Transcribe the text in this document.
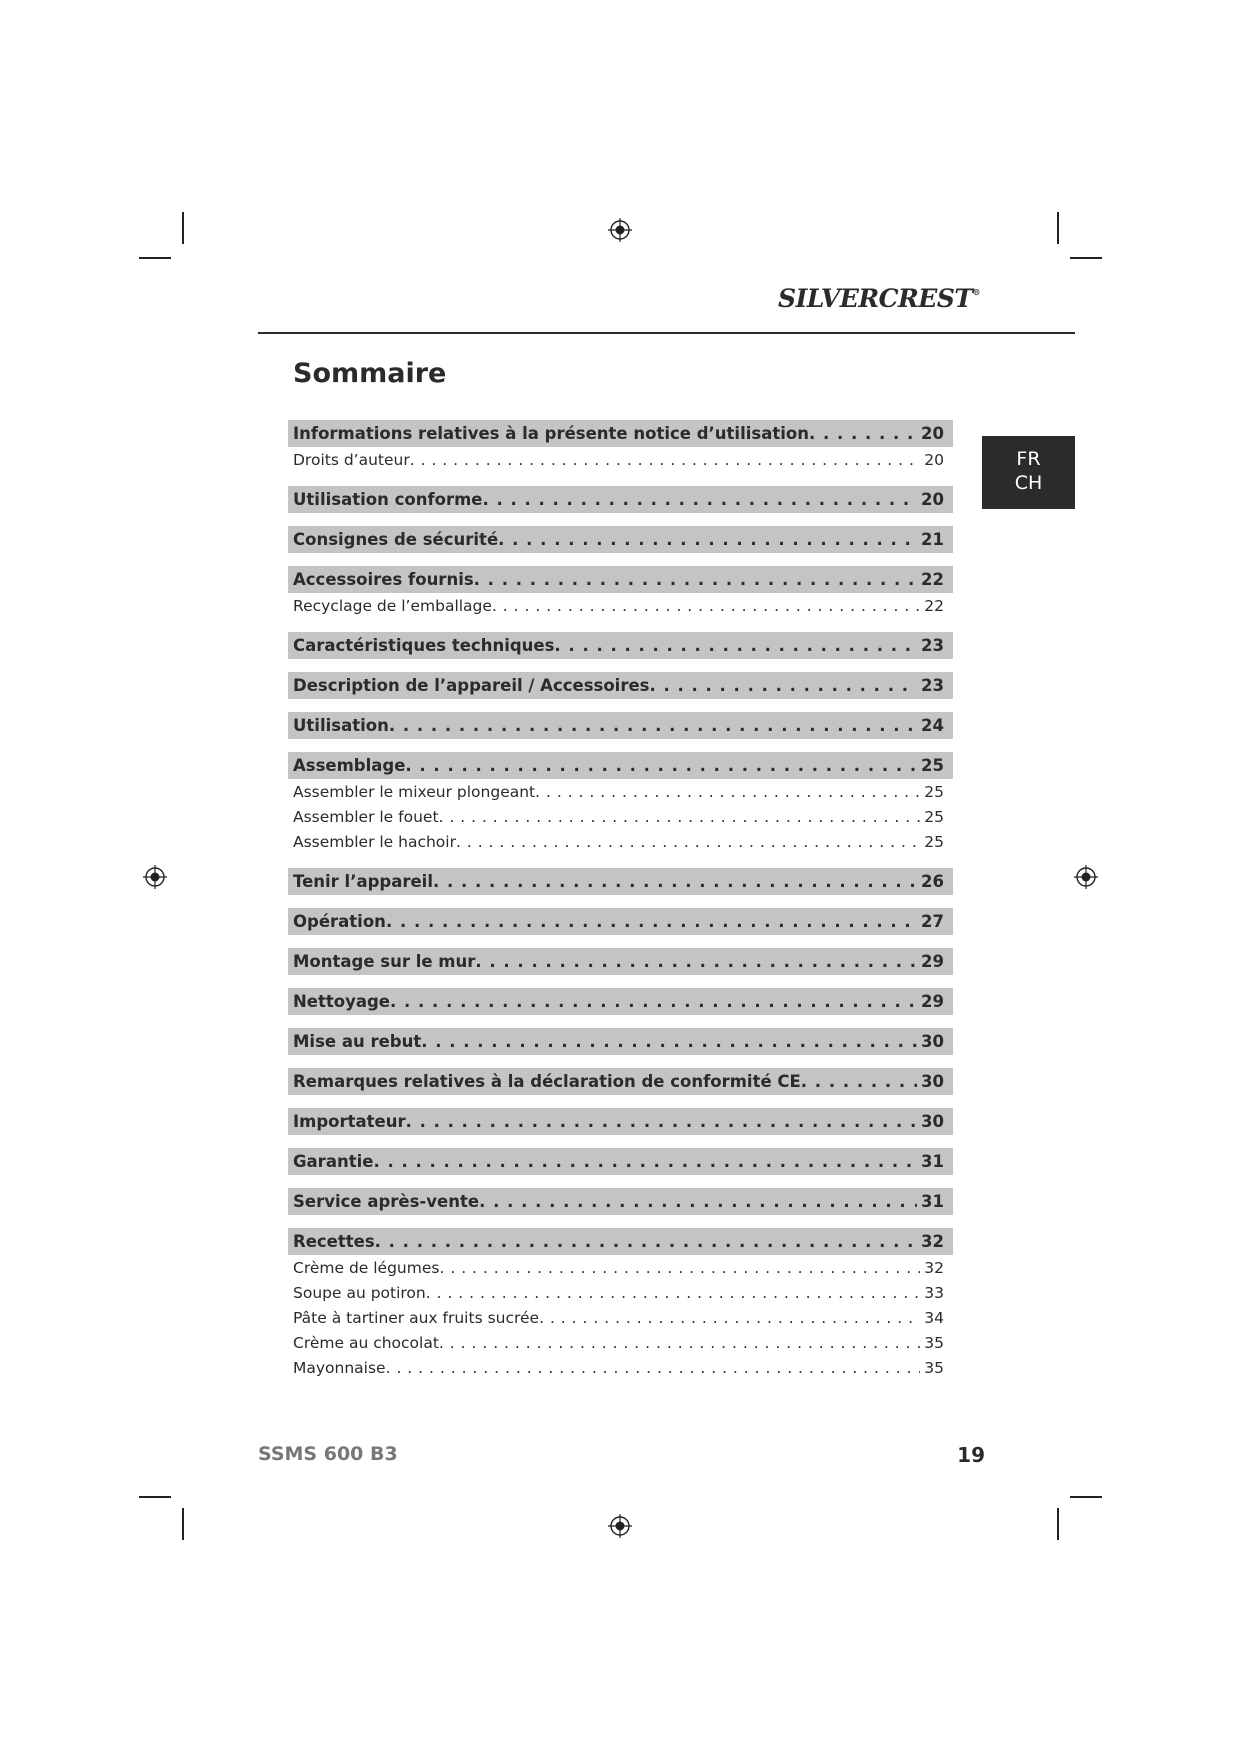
SILVERCREST®
Sommaire
FR
CH
Informations relatives à la présente notice d’utilisation . . .	20
Droits d’auteur . . .	20
Utilisation conforme . . .	20
Consignes de sécurité . . .	21
Accessoires fournis . . .	22
Recyclage de l’emballage . . .	22
Caractéristiques techniques . . .	23
Description de l’appareil / Accessoires . . .	23
Utilisation . . .	24
Assemblage . . .	25
Assembler le mixeur plongeant . . .	25
Assembler le fouet . . .	25
Assembler le hachoir . . .	25
Tenir l’appareil . . .	26
Opération . . .	27
Montage sur le mur . . .	29
Nettoyage . . .	29
Mise au rebut . . .	30
Remarques relatives à la déclaration de conformité CE . . .	30
Importateur . . .	30
Garantie . . .	31
Service après-vente . . .	31
Recettes . . .	32
Crème de légumes . . .	32
Soupe au potiron . . .	33
Pâte à tartiner aux fruits sucrée . . .	34
Crème au chocolat . . .	35
Mayonnaise . . .	35
SSMS 600 B3	19
